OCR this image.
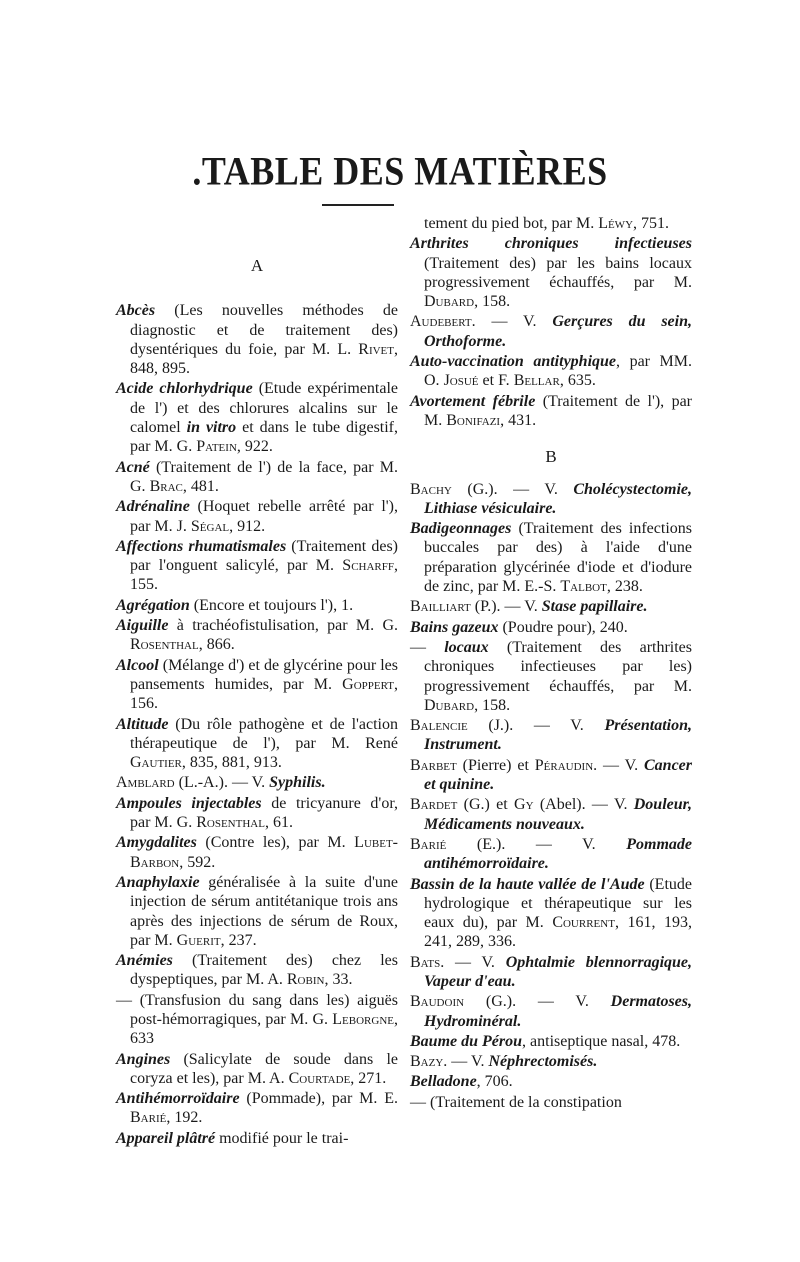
.TABLE DES MATIÈRES

A

Abcès (Les nouvelles méthodes de diagnostic et de traitement des) dysentériques du foie, par M. L. Rivet, 848, 895.

Acide chlorhydrique (Etude expérimentale de l') et des chlorures alcalins sur le calomel in vitro et dans le tube digestif, par M. G. Patein, 922.

Acné (Traitement de l') de la face, par M. G. Brac, 481.

Adrénaline (Hoquet rebelle arrêté par l'), par M. J. Ségal, 912.

Affections rhumatismales (Traitement des) par l'onguent salicylé, par M. Scharff, 155.

Agrégation (Encore et toujours l'), 1.

Aiguille à trachéofistulisation, par M. G. Rosenthal, 866.

Alcool (Mélange d') et de glycérine pour les pansements humides, par M. Goppert, 156.

Altitude (Du rôle pathogène et de l'action thérapeutique de l'), par M. René Gautier, 835, 881, 913.

Amblard (L.-A.). — V. Syphilis.

Ampoules injectables de tricyanure d'or, par M. G. Rosenthal, 61.

Amygdalites (Contre les), par M. Lubet-Barbon, 592.

Anaphylaxie généralisée à la suite d'une injection de sérum antitétanique trois ans après des injections de sérum de Roux, par M. Guerit, 237.

Anémies (Traitement des) chez les dyspeptiques, par M. A. Robin, 33.

— (Transfusion du sang dans les) aiguës post-hémorragiques, par M. G. Leborgne, 633

Angines (Salicylate de soude dans le coryza et les), par M. A. Courtade, 271.

Antihémorroïdaire (Pommade), par M. E. Barié, 192.

Appareil plâtré modifié pour le trai-

tement du pied bot, par M. Léwy, 751.

Arthrites chroniques infectieuses (Traitement des) par les bains locaux progressivement échauffés, par M. Dubard, 158.

Audebert. — V. Gerçures du sein, Orthoforme.

Auto-vaccination antityphique, par MM. O. Josué et F. Bellar, 635.

Avortement fébrile (Traitement de l'), par M. Bonifazi, 431.

B

Bachy (G.). — V. Cholécystectomie, Lithiase vésiculaire.

Badigeonnages (Traitement des infections buccales par des) à l'aide d'une préparation glycérinée d'iode et d'iodure de zinc, par M. E.-S. Talbot, 238.

Bailliart (P.). — V. Stase papillaire.

Bains gazeux (Poudre pour), 240.

— locaux (Traitement des arthrites chroniques infectieuses par les) progressivement échauffés, par M. Dubard, 158.

Balencie (J.). — V. Présentation, Instrument.

Barbet (Pierre) et Péraudin. — V. Cancer et quinine.

Bardet (G.) et Gy (Abel). — V. Douleur, Médicaments nouveaux.

Barié (E.). — V. Pommade antihémorroïdaire.

Bassin de la haute vallée de l'Aude (Etude hydrologique et thérapeutique sur les eaux du), par M. Courrent, 161, 193, 241, 289, 336.

Bats. — V. Ophtalmie blennorragique, Vapeur d'eau.

Baudoin (G.). — V. Dermatoses, Hydrominéral.

Baume du Pérou, antiseptique nasal, 478.

Bazy. — V. Néphrectomisés.

Belladone, 706.

— (Traitement de la constipation
